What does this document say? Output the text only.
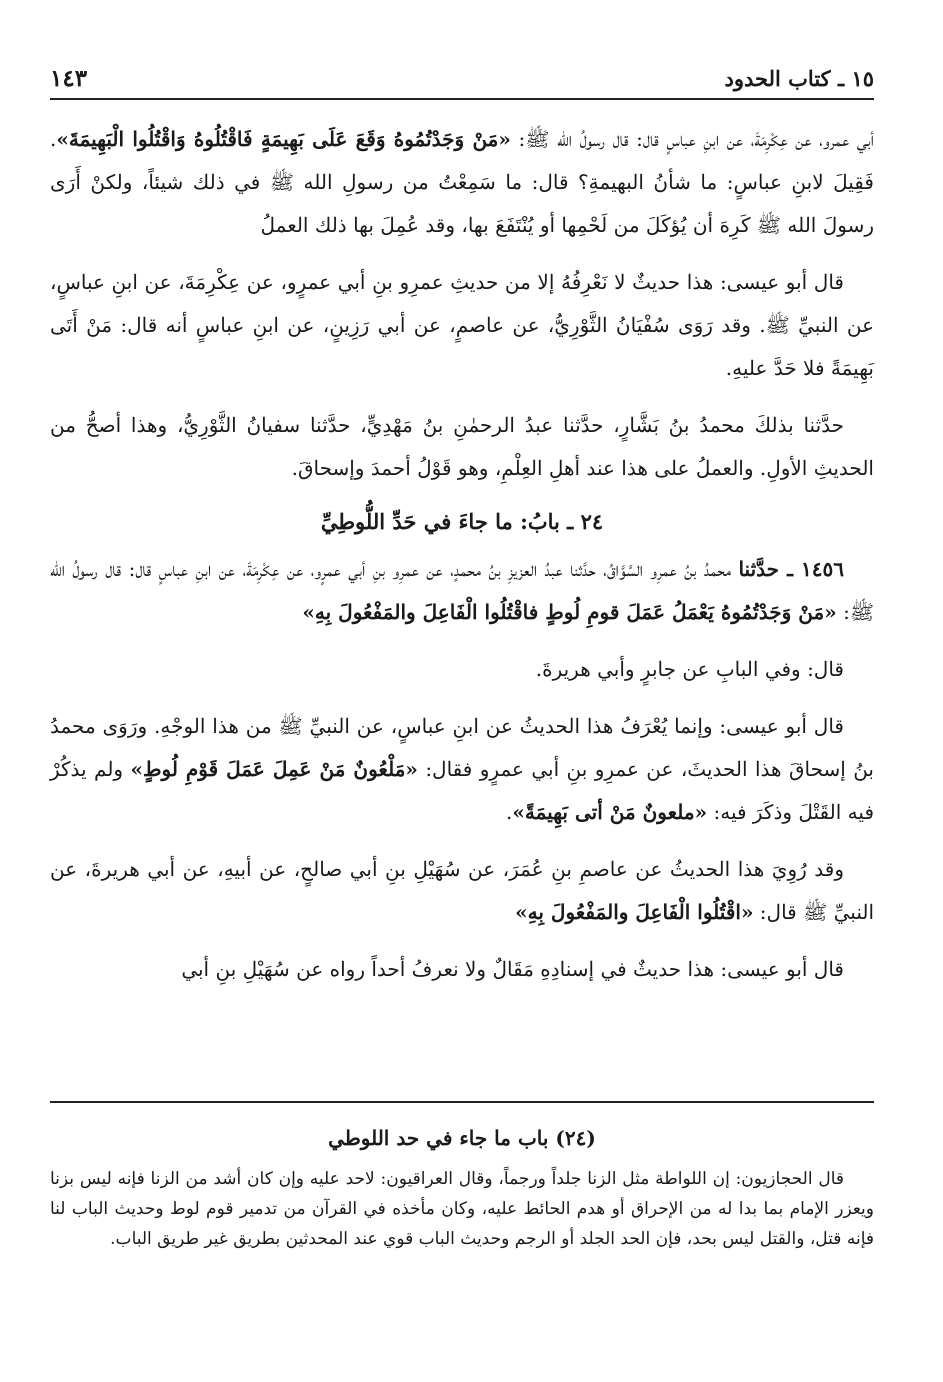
١٥ ـ كتاب الحدود
١٤٣

أبي عمرو، عن عِكْرِمَةَ، عن ابنِ عباسٍ قال: قال رسولُ الله ﷺ: «مَنْ وَجَدْتُمُوهُ وَقَعَ عَلَى بَهِيمَةٍ فَاقْتُلُوهُ وَاقْتُلُوا الْبَهِيمَةَ». فَقِيلَ لابنِ عباسٍ: ما شأنُ البهيمةِ؟ قال: ما سَمِعْتُ من رسولِ الله ﷺ في ذلك شيئاً، ولكنْ أَرَى رسولَ الله ﷺ كَرِهَ أن يُؤكَلَ من لَحْمِها أو يُنْتَفَعَ بها، وقد عُمِلَ بها ذلك العملُ

قال أبو عيسى: هذا حديثٌ لا نَعْرِفُهُ إلا من حديثِ عمرِو بنِ أبي عمرٍو، عن عِكْرِمَةَ، عن ابنِ عباسٍ، عن النبيِّ ﷺ. وقد رَوَى سُفْيَانُ الثَّوْرِيُّ، عن عاصمٍ، عن أبي رَزِينٍ، عن ابنِ عباسٍ أنه قال: مَنْ أَتَى بَهِيمَةً فلا حَدَّ عليهِ.

حدَّثنا بذلكَ محمدُ بنُ بَشَّارٍ، حدَّثنا عبدُ الرحمٰنِ بنُ مَهْدِيٍّ، حدَّثنا سفيانُ الثَّوْرِيُّ، وهذا أصحُّ من الحديثِ الأولِ. والعملُ على هذا عند أهلِ العِلْمِ، وهو قَوْلُ أحمدَ وإسحاقَ.

٢٤ ـ بابُ: ما جاءَ في حَدِّ اللُّوطِيِّ

١٤٥٦ ـ حدَّثنا محمدُ بنُ عمرِو السَّوَّاقُ، حدَّثنا عبدُ العزيزِ بنُ محمدٍ، عن عمرِو بنِ أبي عمرٍو، عن عِكْرِمَةَ، عن ابنِ عباسٍ قال: قال رسولُ الله ﷺ: «مَنْ وَجَدْتُمُوهُ يَعْمَلُ عَمَلَ قومِ لُوطٍ فاقْتُلُوا الْفَاعِلَ والمَفْعُولَ بِهِ»

قال: وفي البابِ عن جابرٍ وأبي هريرةَ.

قال أبو عيسى: وإنما يُعْرَفُ هذا الحديثُ عن ابنِ عباسٍ، عن النبيِّ ﷺ من هذا الوجْهِ. ورَوَى محمدُ بنُ إسحاقَ هذا الحديثَ، عن عمرِو بنِ أبي عمرٍو فقال: «مَلْعُونٌ مَنْ عَمِلَ عَمَلَ قَوْمِ لُوطٍ» ولم يذكُرْ فيه القَتْلَ وذكَرَ فيه: «ملعونٌ مَنْ أتى بَهِيمَةً».

وقد رُوِيَ هذا الحديثُ عن عاصمِ بنِ عُمَرَ، عن سُهَيْلِ بنِ أبي صالحٍ، عن أبيهِ، عن أبي هريرةَ، عن النبيِّ ﷺ قال: «اقْتُلُوا الْفَاعِلَ والمَفْعُولَ بِهِ»

قال أبو عيسى: هذا حديثٌ في إسنادِهِ مَقَالٌ ولا نعرفُ أحداً رواه عن سُهَيْلِ بنِ أبي

(٢٤) باب ما جاء في حد اللوطي

قال الحجازيون: إن اللواطة مثل الزنا جلداً ورجماً، وقال العراقيون: لاحد عليه وإن كان أشد من الزنا فإنه ليس بزنا ويعزر الإمام بما بدا له من الإحراق أو هدم الحائط عليه، وكان مأخذه في القرآن من تدمير قوم لوط وحديث الباب لنا فإنه قتل، والقتل ليس بحد، فإن الحد الجلد أو الرجم وحديث الباب قوي عند المحدثين بطريق غير طريق الباب.
